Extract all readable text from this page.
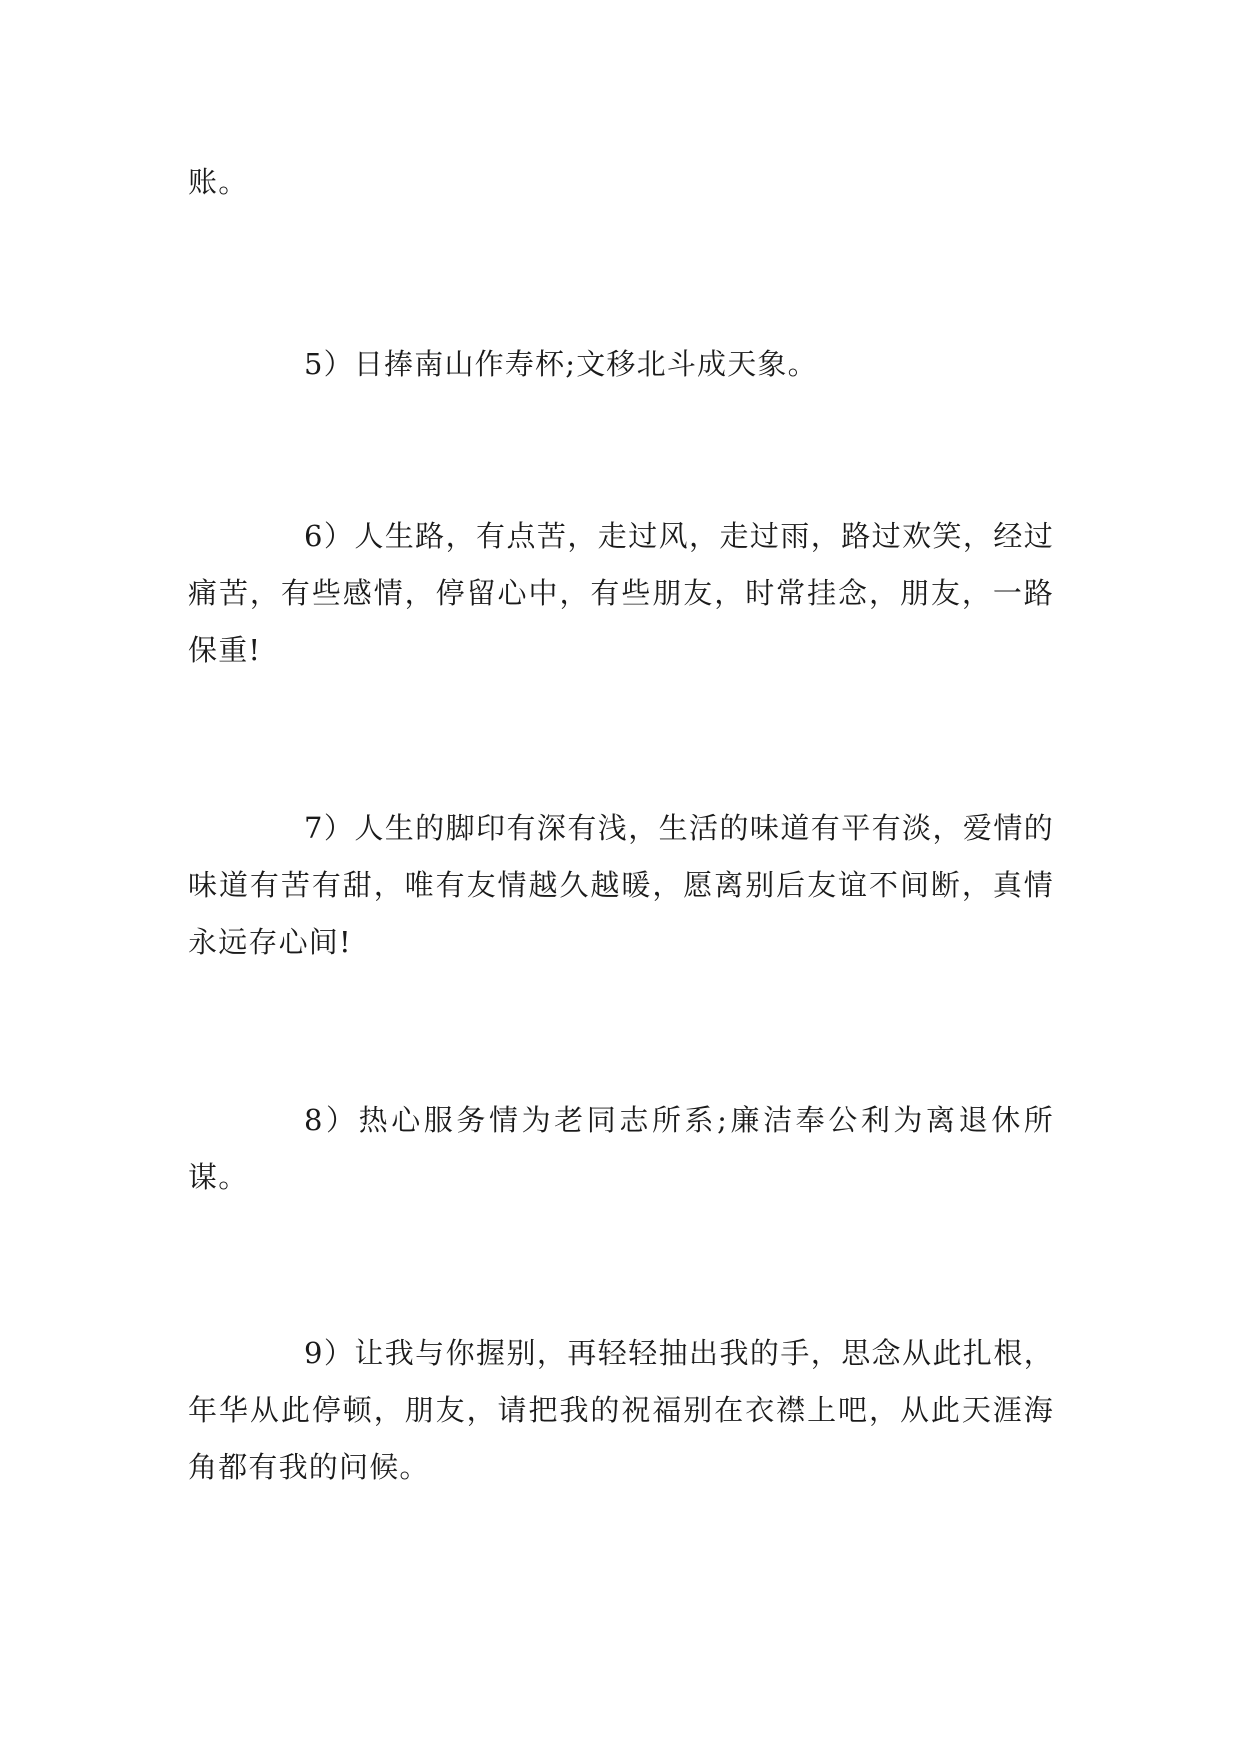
账。

5）日捧南山作寿杯;文移北斗成天象。

6）人生路，有点苦，走过风，走过雨，路过欢笑，经过痛苦，有些感情，停留心中，有些朋友，时常挂念，朋友，一路保重!

7）人生的脚印有深有浅，生活的味道有平有淡，爱情的味道有苦有甜，唯有友情越久越暖，愿离别后友谊不间断，真情永远存心间!

8）热心服务情为老同志所系;廉洁奉公利为离退休所谋。

9）让我与你握别，再轻轻抽出我的手，思念从此扎根，年华从此停顿，朋友，请把我的祝福别在衣襟上吧，从此天涯海角都有我的问候。
